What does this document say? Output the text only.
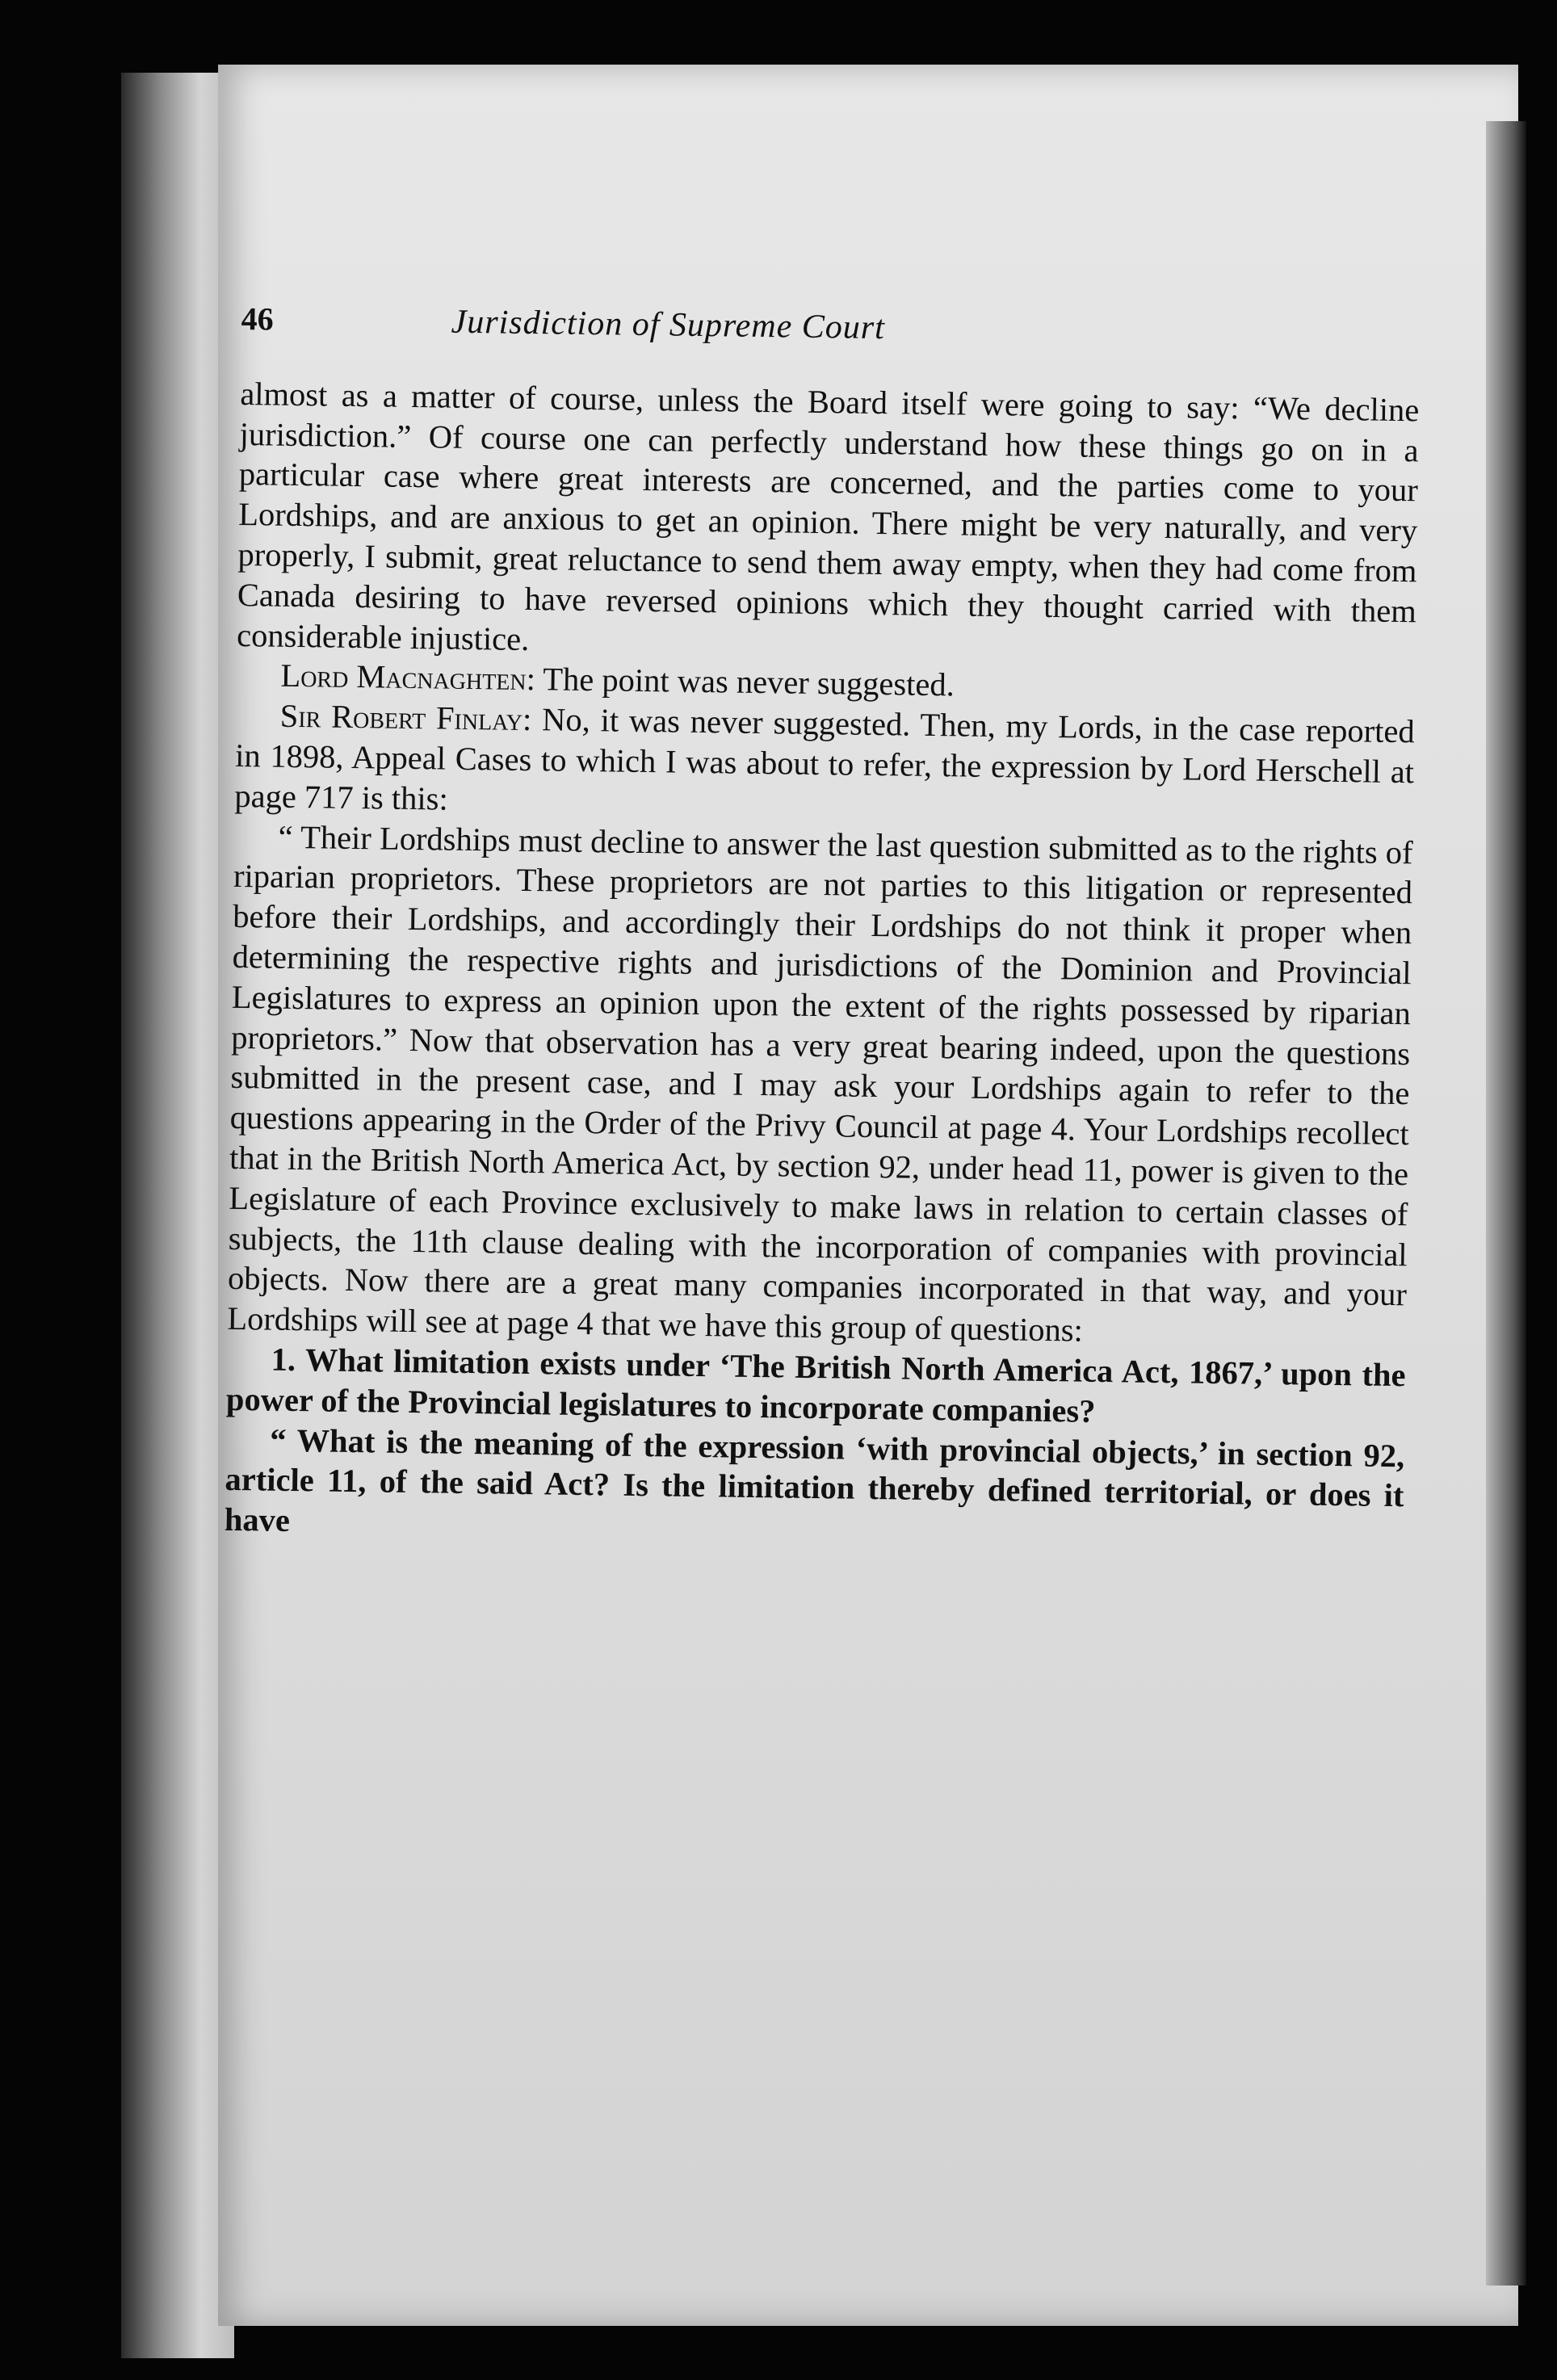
46	Jurisdiction of Supreme Court

almost as a matter of course, unless the Board itself were going to say: “We decline jurisdiction.” Of course one can perfectly understand how these things go on in a particular case where great interests are concerned, and the parties come to your Lordships, and are anxious to get an opinion. There might be very naturally, and very properly, I submit, great reluctance to send them away empty, when they had come from Canada desiring to have reversed opinions which they thought carried with them considerable injustice.

Lord Macnaghten: The point was never suggested.

Sir Robert Finlay: No, it was never suggested. Then, my Lords, in the case reported in 1898, Appeal Cases to which I was about to refer, the expression by Lord Herschell at page 717 is this:

“ Their Lordships must decline to answer the last question submitted as to the rights of riparian proprietors. These proprietors are not parties to this litigation or represented before their Lordships, and accordingly their Lordships do not think it proper when determining the respective rights and jurisdictions of the Dominion and Provincial Legislatures to express an opinion upon the extent of the rights possessed by riparian proprietors.” Now that observation has a very great bearing indeed, upon the questions submitted in the present case, and I may ask your Lordships again to refer to the questions appearing in the Order of the Privy Council at page 4. Your Lordships recollect that in the British North America Act, by section 92, under head 11, power is given to the Legislature of each Province exclusively to make laws in relation to certain classes of subjects, the 11th clause dealing with the incorporation of companies with provincial objects. Now there are a great many companies incorporated in that way, and your Lordships will see at page 4 that we have this group of questions:

1. What limitation exists under ‘The British North America Act, 1867,’ upon the power of the Provincial legislatures to incorporate companies?

“ What is the meaning of the expression ‘with provincial objects,’ in section 92, article 11, of the said Act? Is the limitation thereby defined territorial, or does it have
